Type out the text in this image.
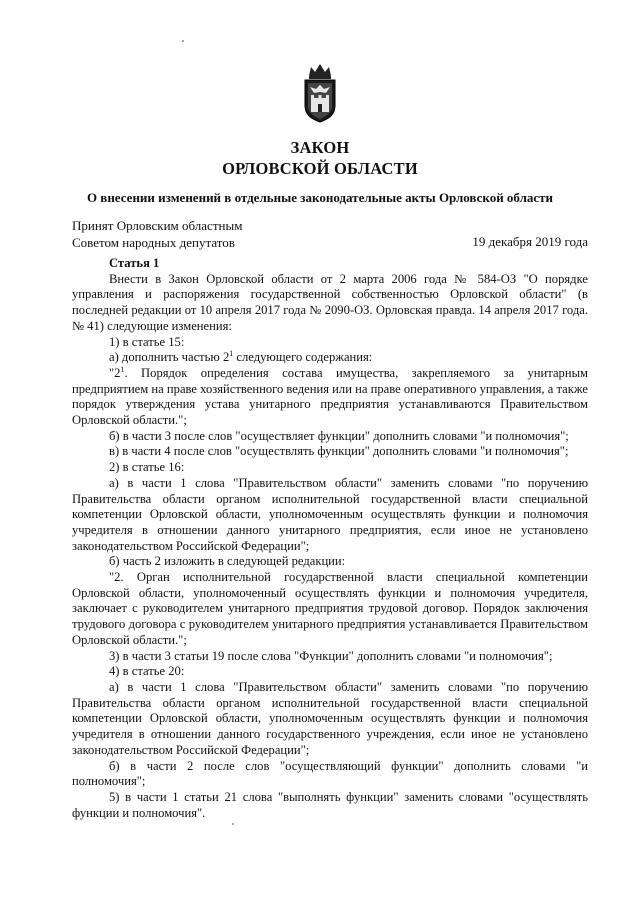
ЗАКОН
ОРЛОВСКОЙ ОБЛАСТИ
О внесении изменений в отдельные законодательные акты Орловской области
Принят Орловским областным
Советом народных депутатов	19 декабря 2019 года

Статья 1

Внести в Закон Орловской области от 2 марта 2006 года № 584-ОЗ "О порядке управления и распоряжения государственной собственностью Орловской области" (в последней редакции от 10 апреля 2017 года № 2090-ОЗ. Орловская правда. 14 апреля 2017 года. № 41) следующие изменения:

1) в статье 15:

а) дополнить частью $2^1$ следующего содержания:

"$2^1$. Порядок определения состава имущества, закрепляемого за унитарным предприятием на праве хозяйственного ведения или на праве оперативного управления, а также порядок утверждения устава унитарного предприятия устанавливаются Правительством Орловской области.";

б) в части 3 после слов "осуществляет функции" дополнить словами "и полномочия";

в) в части 4 после слов "осуществлять функции" дополнить словами "и полномочия";

2) в статье 16:

а) в части 1 слова "Правительством области" заменить словами "по поручению Правительства области органом исполнительной государственной власти специальной компетенции Орловской области, уполномоченным осуществлять функции и полномочия учредителя в отношении данного унитарного предприятия, если иное не установлено законодательством Российской Федерации";

б) часть 2 изложить в следующей редакции:

"2. Орган исполнительной государственной власти специальной компетенции Орловской области, уполномоченный осуществлять функции и полномочия учредителя, заключает с руководителем унитарного предприятия трудовой договор. Порядок заключения трудового договора с руководителем унитарного предприятия устанавливается Правительством Орловской области.";

3) в части 3 статьи 19 после слова "Функции" дополнить словами "и полномочия";

4) в статье 20:

а) в части 1 слова "Правительством области" заменить словами "по поручению Правительства области органом исполнительной государственной власти специальной компетенции Орловской области, уполномоченным осуществлять функции и полномочия учредителя в отношении данного государственного учреждения, если иное не установлено законодательством Российской Федерации";

б) в части 2 после слов "осуществляющий функции" дополнить словами "и полномочия";

5) в части 1 статьи 21 слова "выполнять функции" заменить словами "осуществлять функции и полномочия".
